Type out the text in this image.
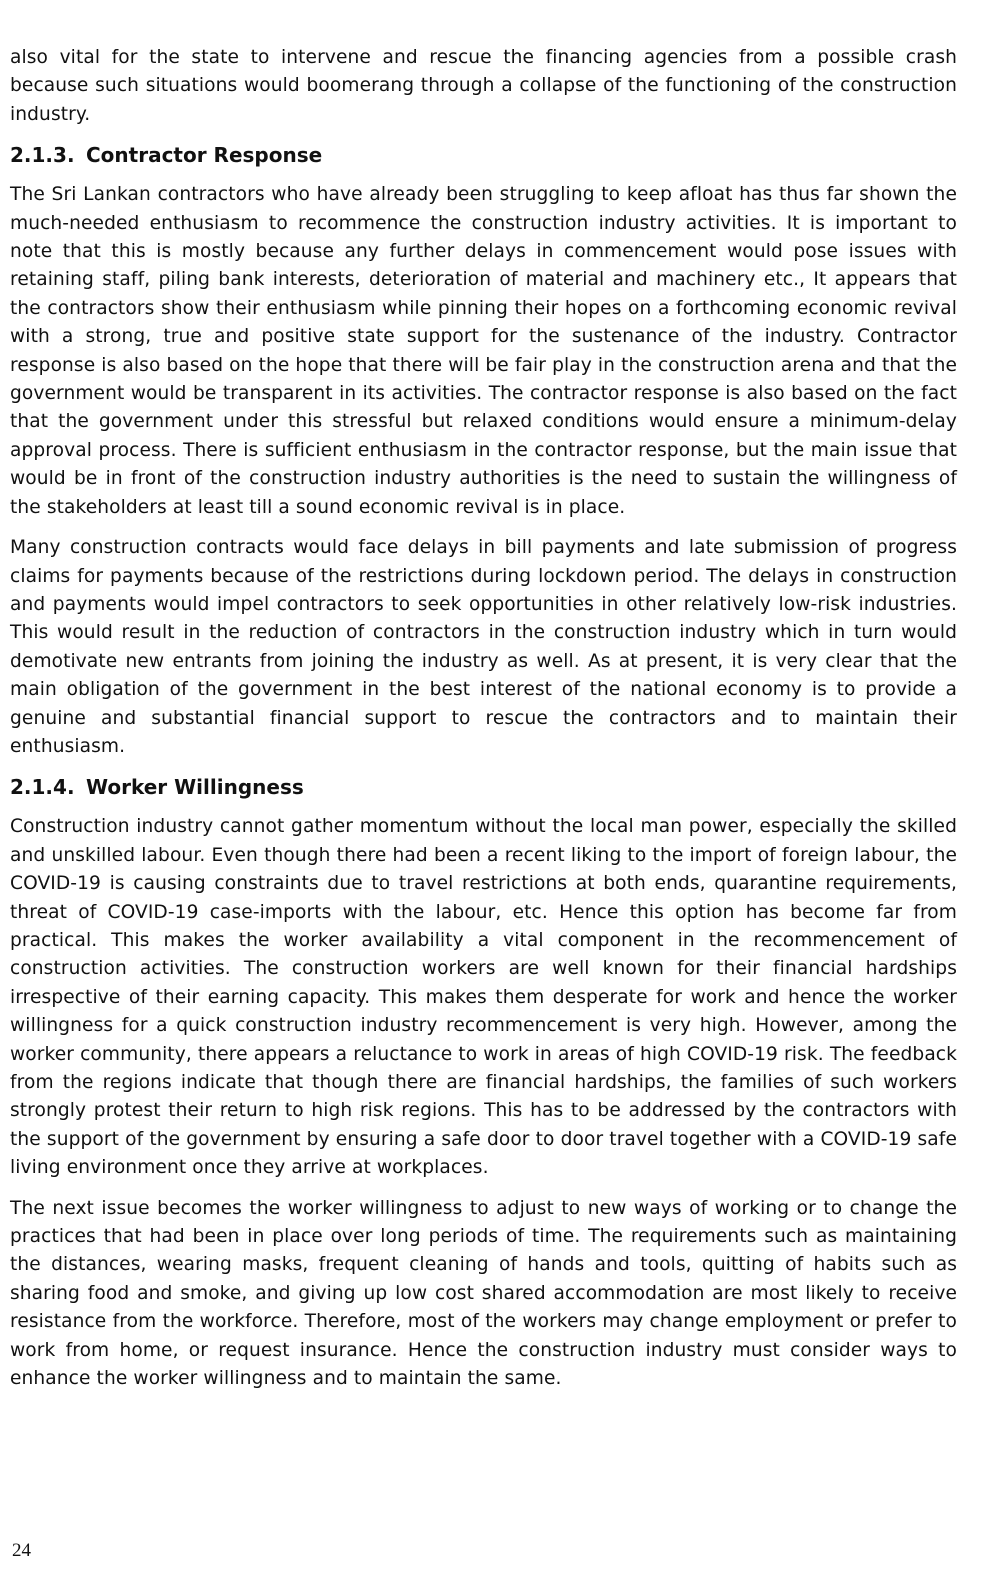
also vital for the state to intervene and rescue the financing agencies from a possible crash because such situations would boomerang through a collapse of the functioning of the construction industry.

2.1.3. Contractor Response

The Sri Lankan contractors who have already been struggling to keep afloat has thus far shown the much-needed enthusiasm to recommence the construction industry activities. It is important to note that this is mostly because any further delays in commencement would pose issues with retaining staff, piling bank interests, deterioration of material and machinery etc., It appears that the contractors show their enthusiasm while pinning their hopes on a forthcoming economic revival with a strong, true and positive state support for the sustenance of the industry. Contractor response is also based on the hope that there will be fair play in the construction arena and that the government would be transparent in its activities. The contractor response is also based on the fact that the government under this stressful but relaxed conditions would ensure a minimum-delay approval process. There is sufficient enthusiasm in the contractor response, but the main issue that would be in front of the construction industry authorities is the need to sustain the willingness of the stakeholders at least till a sound economic revival is in place.

Many construction contracts would face delays in bill payments and late submission of progress claims for payments because of the restrictions during lockdown period. The delays in construction and payments would impel contractors to seek opportunities in other relatively low-risk industries. This would result in the reduction of contractors in the construction industry which in turn would demotivate new entrants from joining the industry as well. As at present, it is very clear that the main obligation of the government in the best interest of the national economy is to provide a genuine and substantial financial support to rescue the contractors and to maintain their enthusiasm.

2.1.4. Worker Willingness

Construction industry cannot gather momentum without the local man power, especially the skilled and unskilled labour. Even though there had been a recent liking to the import of foreign labour, the COVID-19 is causing constraints due to travel restrictions at both ends, quarantine requirements, threat of COVID-19 case-imports with the labour, etc. Hence this option has become far from practical. This makes the worker availability a vital component in the recommencement of construction activities. The construction workers are well known for their financial hardships irrespective of their earning capacity. This makes them desperate for work and hence the worker willingness for a quick construction industry recommencement is very high. However, among the worker community, there appears a reluctance to work in areas of high COVID-19 risk. The feedback from the regions indicate that though there are financial hardships, the families of such workers strongly protest their return to high risk regions. This has to be addressed by the contractors with the support of the government by ensuring a safe door to door travel together with a COVID-19 safe living environment once they arrive at workplaces.

The next issue becomes the worker willingness to adjust to new ways of working or to change the practices that had been in place over long periods of time. The requirements such as maintaining the distances, wearing masks, frequent cleaning of hands and tools, quitting of habits such as sharing food and smoke, and giving up low cost shared accommodation are most likely to receive resistance from the workforce. Therefore, most of the workers may change employment or prefer to work from home, or request insurance. Hence the construction industry must consider ways to enhance the worker willingness and to maintain the same.

24
